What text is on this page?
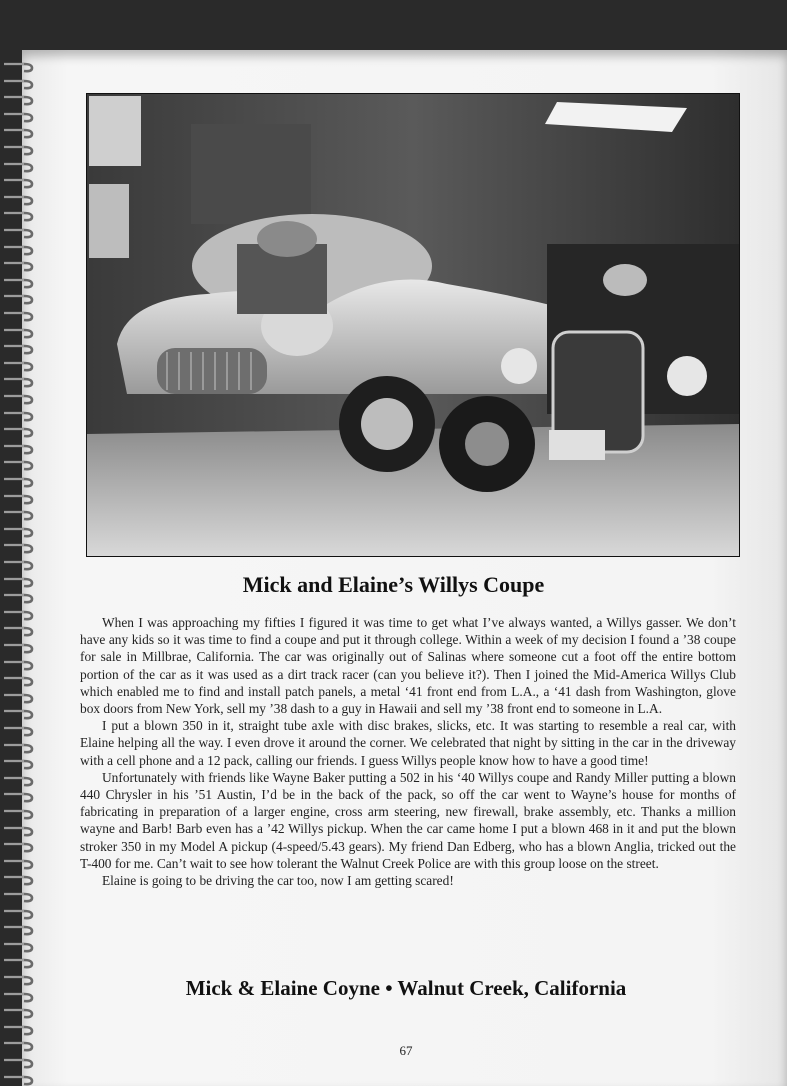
Mick and Elaine’s Willys Coupe

When I was approaching my fifties I figured it was time to get what I’ve always wanted, a Willys gasser. We don’t have any kids so it was time to find a coupe and put it through college. Within a week of my decision I found a ’38 coupe for sale in Millbrae, California. The car was originally out of Salinas where someone cut a foot off the entire bottom portion of the car as it was used as a dirt track racer (can you believe it?). Then I joined the Mid-America Willys Club which enabled me to find and install patch panels, a metal ‘41 front end from L.A., a ‘41 dash from Washington, glove box doors from New York, sell my ’38 dash to a guy in Hawaii and sell my ’38 front end to someone in L.A.

I put a blown 350 in it, straight tube axle with disc brakes, slicks, etc. It was starting to resemble a real car, with Elaine helping all the way. I even drove it around the corner. We celebrated that night by sitting in the car in the driveway with a cell phone and a 12 pack, calling our friends. I guess Willys people know how to have a good time!

Unfortunately with friends like Wayne Baker putting a 502 in his ‘40 Willys coupe and Randy Miller putting a blown 440 Chrysler in his ’51 Austin, I’d be in the back of the pack, so off the car went to Wayne’s house for months of fabricating in preparation of a larger engine, cross arm steering, new firewall, brake assembly, etc. Thanks a million wayne and Barb! Barb even has a ’42 Willys pickup. When the car came home I put a blown 468 in it and put the blown stroker 350 in my Model A pickup (4-speed/5.43 gears). My friend Dan Edberg, who has a blown Anglia, tricked out the T-400 for me. Can’t wait to see how tolerant the Walnut Creek Police are with this group loose on the street.

Elaine is going to be driving the car too, now I am getting scared!

Mick & Elaine Coyne • Walnut Creek, California
67
